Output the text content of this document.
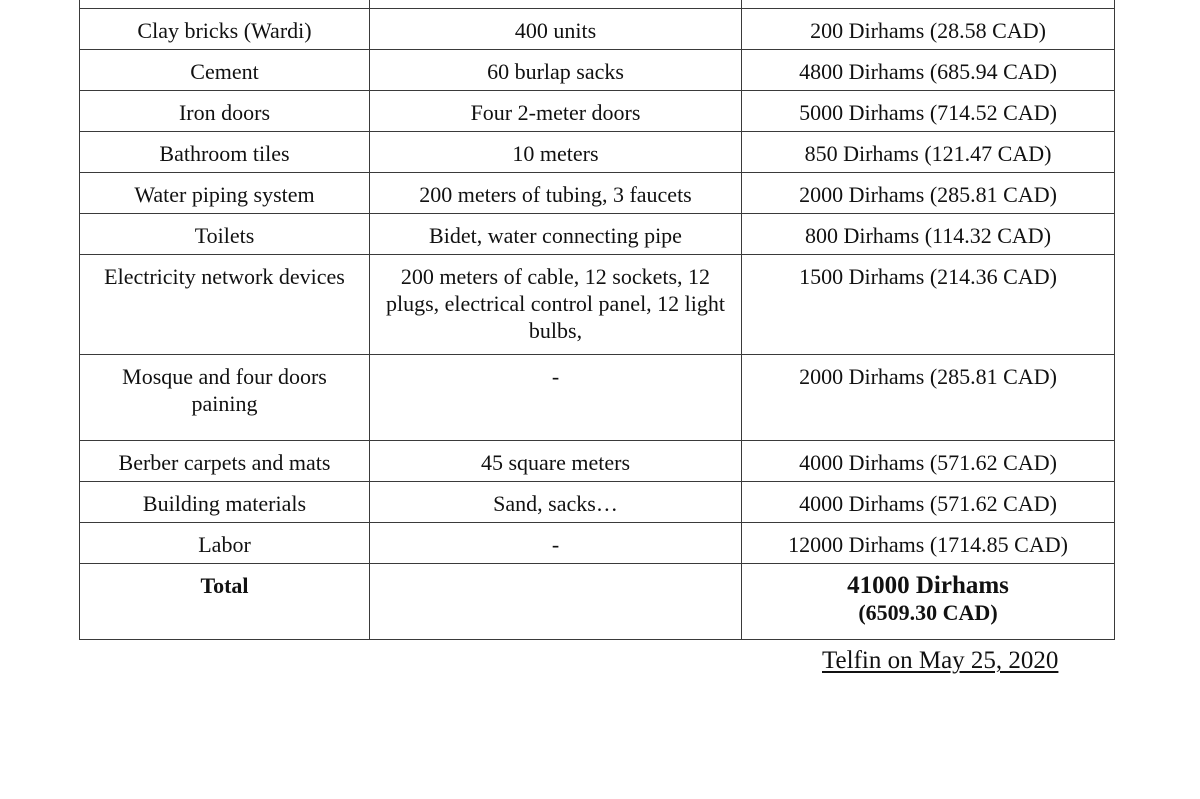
Clay bricks (Wardi)	400 units	200 Dirhams (28.58 CAD)
Cement	60 burlap sacks	4800 Dirhams (685.94 CAD)
Iron doors	Four 2-meter doors	5000 Dirhams (714.52 CAD)
Bathroom tiles	10 meters	850 Dirhams (121.47 CAD)
Water piping system	200 meters of tubing, 3 faucets	2000 Dirhams (285.81 CAD)
Toilets	Bidet, water connecting pipe	800 Dirhams (114.32 CAD)
Electricity network devices	200 meters of cable, 12 sockets, 12 plugs, electrical control panel, 12 light bulbs,	1500 Dirhams (214.36 CAD)
Mosque and four doors paining	-	2000 Dirhams (285.81 CAD)
Berber carpets and mats	45 square meters	4000 Dirhams (571.62 CAD)
Building materials	Sand, sacks…	4000 Dirhams (571.62 CAD)
Labor	-	12000 Dirhams (1714.85 CAD)
Total		41000 Dirhams
(6509.30 CAD)
Telfin on May 25, 2020
